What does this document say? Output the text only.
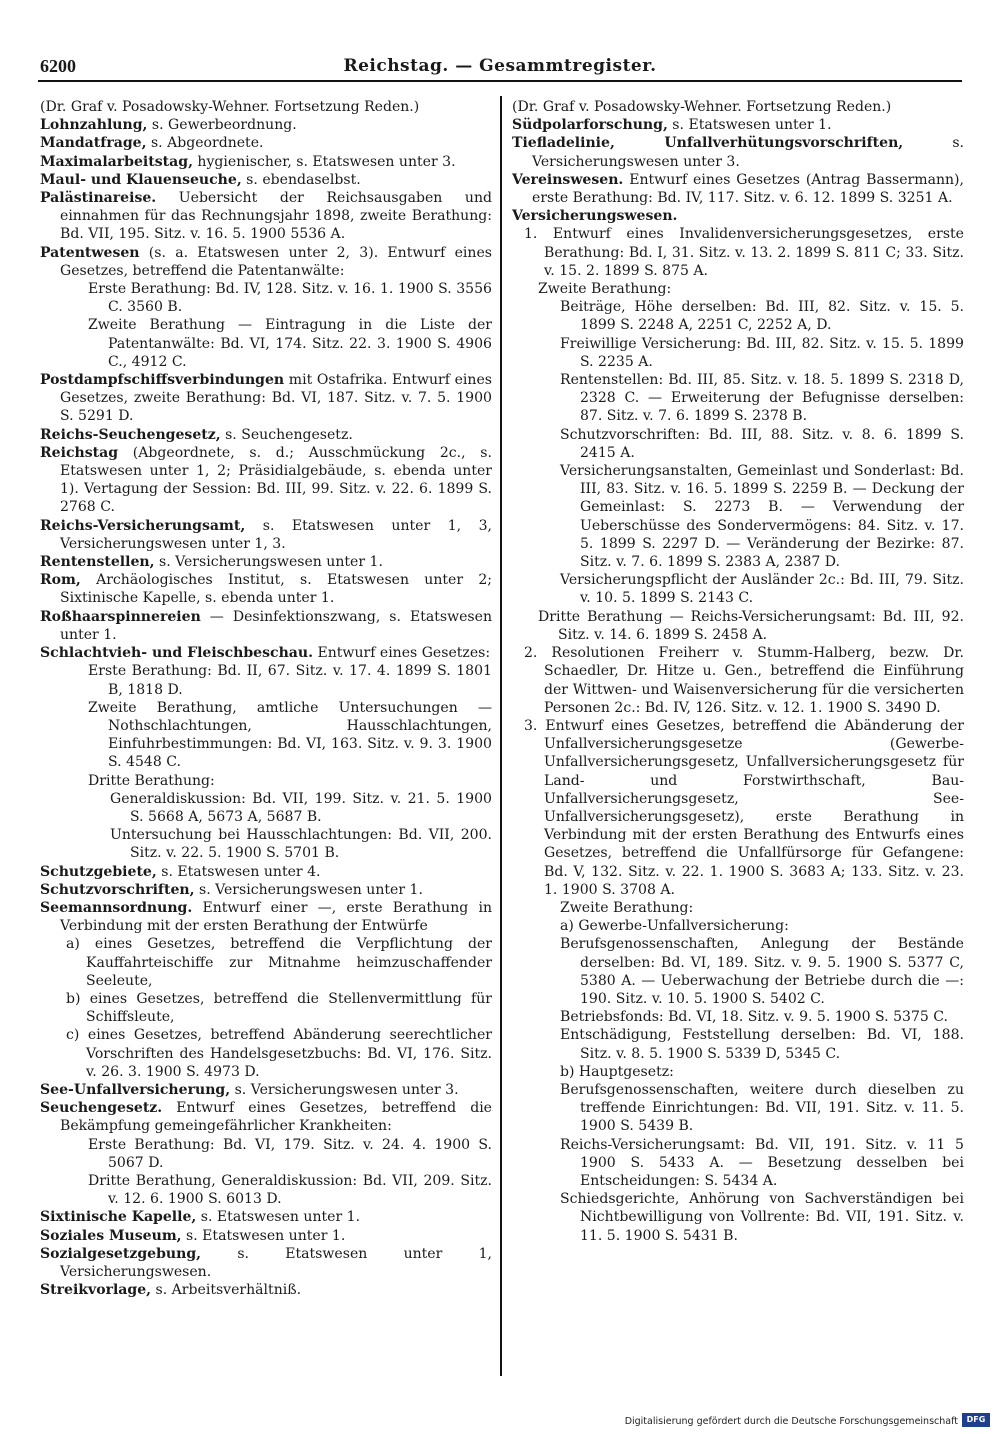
6200	Reichstag. — Gesammtregister.

(Dr. Graf v. Posadowsky-Wehner. Fortsetzung Reden.)

Lohnzahlung, s. Gewerbeordnung.

Mandatfrage, s. Abgeordnete.

Maximalarbeitstag, hygienischer, s. Etatswesen unter 3.

Maul- und Klauenseuche, s. ebendaselbst.

Palästinareise. Uebersicht der Reichsausgaben und einnahmen für das Rechnungsjahr 1898, zweite Berathung: Bd. VII, 195. Sitz. v. 16. 5. 1900 5536 A.

Patentwesen (s. a. Etatswesen unter 2, 3). Entwurf eines Gesetzes, betreffend die Patentanwälte:

Erste Berathung: Bd. IV, 128. Sitz. v. 16. 1. 1900 S. 3556 C. 3560 B.

Zweite Berathung — Eintragung in die Liste der Patentanwälte: Bd. VI, 174. Sitz. 22. 3. 1900 S. 4906 C., 4912 C.

Postdampfschiffsverbindungen mit Ostafrika. Entwurf eines Gesetzes, zweite Berathung: Bd. VI, 187. Sitz. v. 7. 5. 1900 S. 5291 D.

Reichs-Seuchengesetz, s. Seuchengesetz.

Reichstag (Abgeordnete, s. d.; Ausschmückung 2c., s. Etatswesen unter 1, 2; Präsidialgebäude, s. ebenda unter 1). Vertagung der Session: Bd. III, 99. Sitz. v. 22. 6. 1899 S. 2768 C.

Reichs-Versicherungsamt, s. Etatswesen unter 1, 3, Versicherungswesen unter 1, 3.

Rentenstellen, s. Versicherungswesen unter 1.

Rom, Archäologisches Institut, s. Etatswesen unter 2; Sixtinische Kapelle, s. ebenda unter 1.

Roßhaarspinnereien — Desinfektionszwang, s. Etatswesen unter 1.

Schlachtvieh- und Fleischbeschau. Entwurf eines Gesetzes:

Erste Berathung: Bd. II, 67. Sitz. v. 17. 4. 1899 S. 1801 B, 1818 D.

Zweite Berathung, amtliche Untersuchungen — Nothschlachtungen, Hausschlachtungen, Einfuhrbestimmungen: Bd. VI, 163. Sitz. v. 9. 3. 1900 S. 4548 C.

Dritte Berathung:

Generaldiskussion: Bd. VII, 199. Sitz. v. 21. 5. 1900 S. 5668 A, 5673 A, 5687 B.

Untersuchung bei Hausschlachtungen: Bd. VII, 200. Sitz. v. 22. 5. 1900 S. 5701 B.

Schutzgebiete, s. Etatswesen unter 4.

Schutzvorschriften, s. Versicherungswesen unter 1.

Seemannsordnung. Entwurf einer —, erste Berathung in Verbindung mit der ersten Berathung der Entwürfe

a) eines Gesetzes, betreffend die Verpflichtung der Kauffahrteischiffe zur Mitnahme heimzuschaffender Seeleute,

b) eines Gesetzes, betreffend die Stellenvermittlung für Schiffsleute,

c) eines Gesetzes, betreffend Abänderung seerechtlicher Vorschriften des Handelsgesetzbuchs: Bd. VI, 176. Sitz. v. 26. 3. 1900 S. 4973 D.

See-Unfallversicherung, s. Versicherungswesen unter 3.

Seuchengesetz. Entwurf eines Gesetzes, betreffend die Bekämpfung gemeingefährlicher Krankheiten:

Erste Berathung: Bd. VI, 179. Sitz. v. 24. 4. 1900 S. 5067 D.

Dritte Berathung, Generaldiskussion: Bd. VII, 209. Sitz. v. 12. 6. 1900 S. 6013 D.

Sixtinische Kapelle, s. Etatswesen unter 1.

Soziales Museum, s. Etatswesen unter 1.

Sozialgesetzgebung, s. Etatswesen unter 1, Versicherungswesen.

Streikvorlage, s. Arbeitsverhältniß.

(Dr. Graf v. Posadowsky-Wehner. Fortsetzung Reden.)

Südpolarforschung, s. Etatswesen unter 1.

Tiefladelinie, Unfallverhütungsvorschriften, s. Versicherungswesen unter 3.

Vereinswesen. Entwurf eines Gesetzes (Antrag Bassermann), erste Berathung: Bd. IV, 117. Sitz. v. 6. 12. 1899 S. 3251 A.

Versicherungswesen.

1. Entwurf eines Invalidenversicherungsgesetzes, erste Berathung: Bd. I, 31. Sitz. v. 13. 2. 1899 S. 811 C; 33. Sitz. v. 15. 2. 1899 S. 875 A.

Zweite Berathung:

Beiträge, Höhe derselben: Bd. III, 82. Sitz. v. 15. 5. 1899 S. 2248 A, 2251 C, 2252 A, D.

Freiwillige Versicherung: Bd. III, 82. Sitz. v. 15. 5. 1899 S. 2235 A.

Rentenstellen: Bd. III, 85. Sitz. v. 18. 5. 1899 S. 2318 D, 2328 C. — Erweiterung der Befugnisse derselben: 87. Sitz. v. 7. 6. 1899 S. 2378 B.

Schutzvorschriften: Bd. III, 88. Sitz. v. 8. 6. 1899 S. 2415 A.

Versicherungsanstalten, Gemeinlast und Sonderlast: Bd. III, 83. Sitz. v. 16. 5. 1899 S. 2259 B. — Deckung der Gemeinlast: S. 2273 B. — Verwendung der Ueberschüsse des Sondervermögens: 84. Sitz. v. 17. 5. 1899 S. 2297 D. — Veränderung der Bezirke: 87. Sitz. v. 7. 6. 1899 S. 2383 A, 2387 D.

Versicherungspflicht der Ausländer 2c.: Bd. III, 79. Sitz. v. 10. 5. 1899 S. 2143 C.

Dritte Berathung — Reichs-Versicherungsamt: Bd. III, 92. Sitz. v. 14. 6. 1899 S. 2458 A.

2. Resolutionen Freiherr v. Stumm-Halberg, bezw. Dr. Schaedler, Dr. Hitze u. Gen., betreffend die Einführung der Wittwen- und Waisenversicherung für die versicherten Personen 2c.: Bd. IV, 126. Sitz. v. 12. 1. 1900 S. 3490 D.

3. Entwurf eines Gesetzes, betreffend die Abänderung der Unfallversicherungsgesetze (Gewerbe-Unfallversicherungsgesetz, Unfallversicherungsgesetz für Land- und Forstwirthschaft, Bau-Unfallversicherungsgesetz, See-Unfallversicherungsgesetz), erste Berathung in Verbindung mit der ersten Berathung des Entwurfs eines Gesetzes, betreffend die Unfallfürsorge für Gefangene: Bd. V, 132. Sitz. v. 22. 1. 1900 S. 3683 A; 133. Sitz. v. 23. 1. 1900 S. 3708 A.

Zweite Berathung:

a) Gewerbe-Unfallversicherung:

Berufsgenossenschaften, Anlegung der Bestände derselben: Bd. VI, 189. Sitz. v. 9. 5. 1900 S. 5377 C, 5380 A. — Ueberwachung der Betriebe durch die —: 190. Sitz. v. 10. 5. 1900 S. 5402 C.

Betriebsfonds: Bd. VI, 18. Sitz. v. 9. 5. 1900 S. 5375 C.

Entschädigung, Feststellung derselben: Bd. VI, 188. Sitz. v. 8. 5. 1900 S. 5339 D, 5345 C.

b) Hauptgesetz:

Berufsgenossenschaften, weitere durch dieselben zu treffende Einrichtungen: Bd. VII, 191. Sitz. v. 11. 5. 1900 S. 5439 B.

Reichs-Versicherungsamt: Bd. VII, 191. Sitz. v. 11 5 1900 S. 5433 A. — Besetzung desselben bei Entscheidungen: S. 5434 A.

Schiedsgerichte, Anhörung von Sachverständigen bei Nichtbewilligung von Vollrente: Bd. VII, 191. Sitz. v. 11. 5. 1900 S. 5431 B.

Digitalisierung gefördert durch die Deutsche Forschungsgemeinschaft	DFG
